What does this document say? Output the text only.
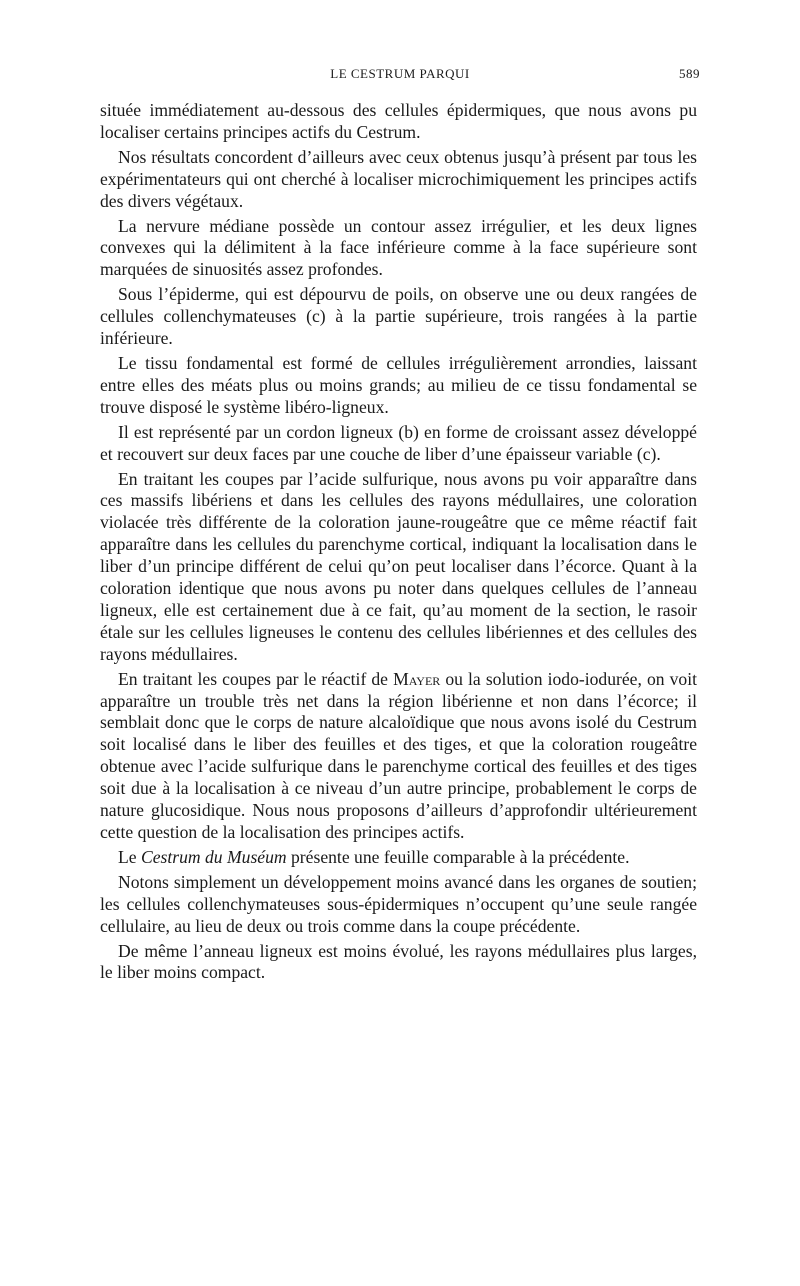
LE CESTRUM PARQUI	589

située immédiatement au-dessous des cellules épidermiques, que nous avons pu localiser certains principes actifs du Cestrum.

Nos résultats concordent d’ailleurs avec ceux obtenus jusqu’à présent par tous les expérimentateurs qui ont cherché à localiser microchimiquement les principes actifs des divers végétaux.

La nervure médiane possède un contour assez irrégulier, et les deux lignes convexes qui la délimitent à la face inférieure comme à la face supérieure sont marquées de sinuosités assez profondes.

Sous l’épiderme, qui est dépourvu de poils, on observe une ou deux rangées de cellules collenchymateuses (c) à la partie supérieure, trois rangées à la partie inférieure.

Le tissu fondamental est formé de cellules irrégulièrement arrondies, laissant entre elles des méats plus ou moins grands; au milieu de ce tissu fondamental se trouve disposé le système libéro-ligneux.

Il est représenté par un cordon ligneux (b) en forme de croissant assez développé et recouvert sur deux faces par une couche de liber d’une épaisseur variable (c).

En traitant les coupes par l’acide sulfurique, nous avons pu voir apparaître dans ces massifs libériens et dans les cellules des rayons médullaires, une coloration violacée très différente de la coloration jaune-rougeâtre que ce même réactif fait apparaître dans les cellules du parenchyme cortical, indiquant la localisation dans le liber d’un principe différent de celui qu’on peut localiser dans l’écorce. Quant à la coloration identique que nous avons pu noter dans quelques cellules de l’anneau ligneux, elle est certainement due à ce fait, qu’au moment de la section, le rasoir étale sur les cellules ligneuses le contenu des cellules libériennes et des cellules des rayons médullaires.

En traitant les coupes par le réactif de Mayer ou la solution iodo-iodurée, on voit apparaître un trouble très net dans la région libérienne et non dans l’écorce; il semblait donc que le corps de nature alcaloïdique que nous avons isolé du Cestrum soit localisé dans le liber des feuilles et des tiges, et que la coloration rougeâtre obtenue avec l’acide sulfurique dans le parenchyme cortical des feuilles et des tiges soit due à la localisation à ce niveau d’un autre principe, probablement le corps de nature glucosidique. Nous nous proposons d’ailleurs d’approfondir ultérieurement cette question de la localisation des principes actifs.

Le Cestrum du Muséum présente une feuille comparable à la précédente.

Notons simplement un développement moins avancé dans les organes de soutien; les cellules collenchymateuses sous-épidermiques n’occupent qu’une seule rangée cellulaire, au lieu de deux ou trois comme dans la coupe précédente.

De même l’anneau ligneux est moins évolué, les rayons médullaires plus larges, le liber moins compact.
